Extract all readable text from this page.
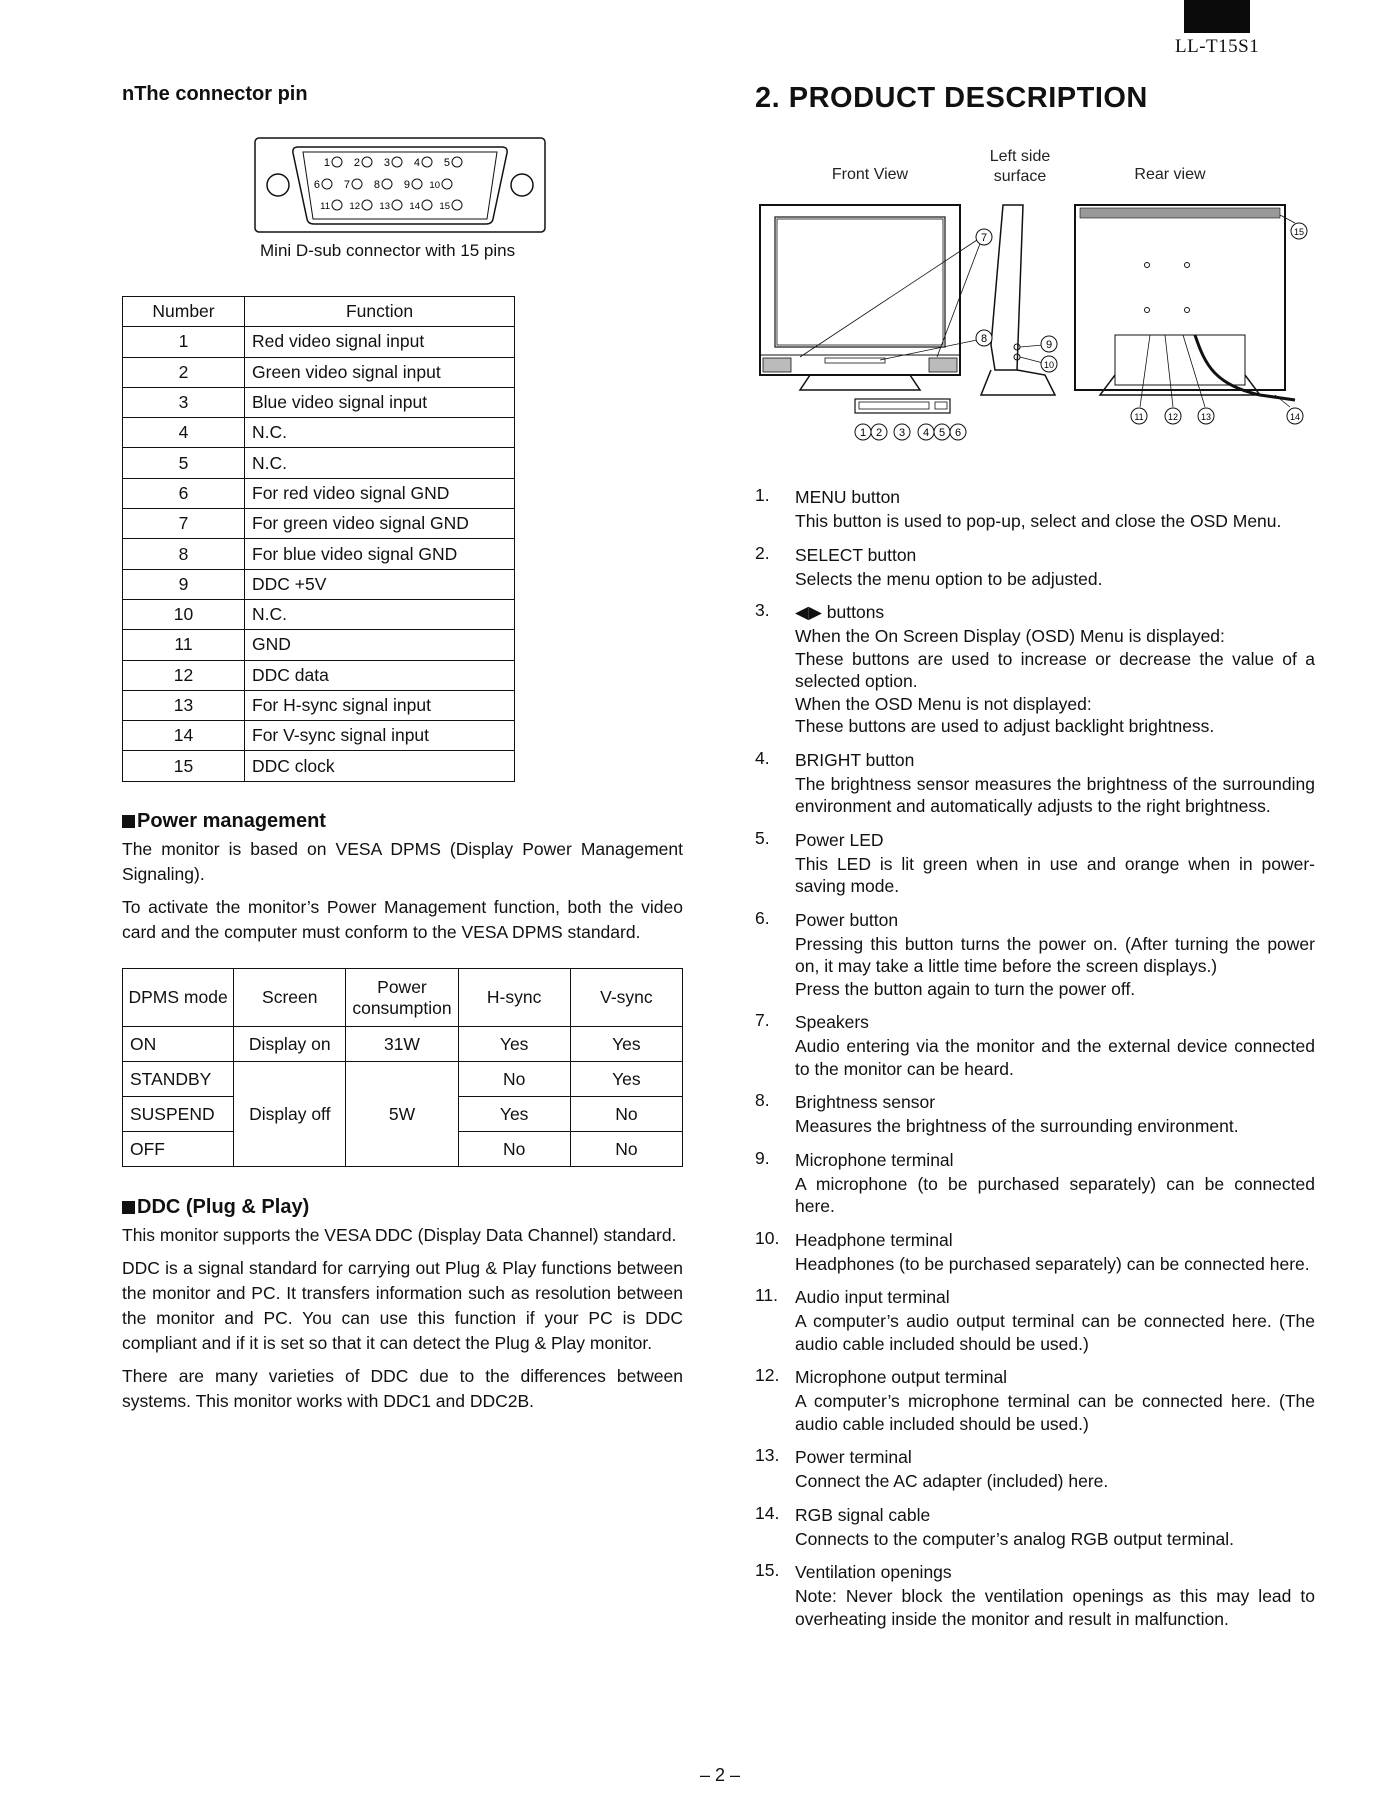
LL-T15S1
nThe connector pin
1 2 3 4 5
6 7 8 9 10
11 12 13 14 15
Mini D-sub connector with 15 pins
Number	Function
1	Red video signal input
2	Green video signal input
3	Blue video signal input
4	N.C.
5	N.C.
6	For red video signal GND
7	For green video signal GND
8	For blue video signal GND
9	DDC +5V
10	N.C.
11	GND
12	DDC data
13	For H-sync signal input
14	For V-sync signal input
15	DDC clock

Power management

The monitor is based on VESA DPMS (Display Power Management Signaling).

To activate the monitor’s Power Management function, both the video card and the computer must conform to the VESA DPMS standard.

DPMS mode	Screen	Power consumption	H-sync	V-sync
ON	Display on	31W	Yes	Yes
STANDBY	Display off	5W	No	Yes
SUSPEND			Yes	No
OFF			No	No

DDC (Plug & Play)

This monitor supports the VESA DDC (Display Data Channel) standard.

DDC is a signal standard for carrying out Plug & Play functions between the monitor and PC. It transfers information such as resolution between the monitor and PC. You can use this function if your PC is DDC compliant and if it is set so that it can detect the Plug & Play monitor.

There are many varieties of DDC due to the differences between systems. This monitor works with DDC1 and DDC2B.

2. PRODUCT DESCRIPTION
Front View
Left side surface	Rear view
1 2 3 4 5 6
7
8	9
10
11	12	13	14
15
1. MENU button
This button is used to pop-up, select and close the OSD Menu.
2. SELECT button
Selects the menu option to be adjusted.
3. ◀▶ buttons
When the On Screen Display (OSD) Menu is displayed:
These buttons are used to increase or decrease the value of a selected option.
When the OSD Menu is not displayed:
These buttons are used to adjust backlight brightness.
4. BRIGHT button
The brightness sensor measures the brightness of the surrounding environment and automatically adjusts to the right brightness.
5. Power LED
This LED is lit green when in use and orange when in power-saving mode.
6. Power button
Pressing this button turns the power on. (After turning the power on, it may take a little time before the screen displays.)
Press the button again to turn the power off.
7. Speakers
Audio entering via the monitor and the external device connected to the monitor can be heard.
8. Brightness sensor
Measures the brightness of the surrounding environment.
9. Microphone terminal
A microphone (to be purchased separately) can be connected here.
10. Headphone terminal
Headphones (to be purchased separately) can be connected here.
11. Audio input terminal
A computer’s audio output terminal can be connected here. (The audio cable included should be used.)
12. Microphone output terminal
A computer’s microphone terminal can be connected here. (The audio cable included should be used.)
13. Power terminal
Connect the AC adapter (included) here.
14. RGB signal cable
Connects to the computer’s analog RGB output terminal.
15. Ventilation openings
Note: Never block the ventilation openings as this may lead to overheating inside the monitor and result in malfunction.
– 2 –
